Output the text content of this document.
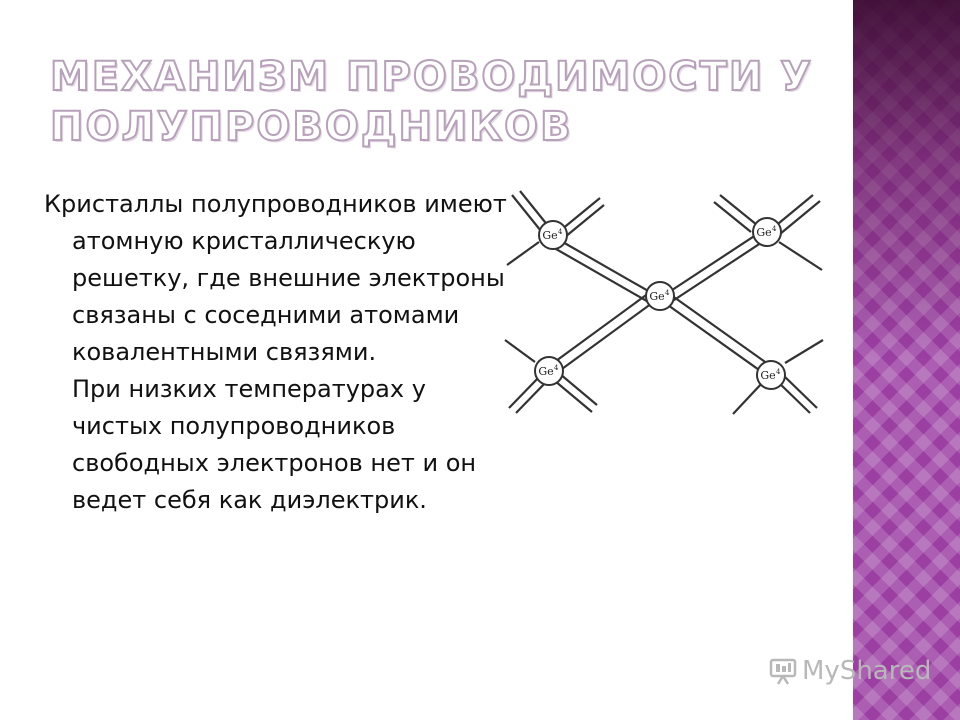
МЕХАНИЗМ ПРОВОДИМОСТИ У ПОЛУПРОВОДНИКОВ
Кристаллы полупроводников имеют атомную кристаллическую решетку, где внешние электроны связаны с соседними атомами ковалентными связями.
При низких температурах у чистых полупроводников свободных электронов нет и он ведет себя как диэлектрик.
Ge	Ge
Ge
Ge	Ge
4	4
4
4	4
MyShared
